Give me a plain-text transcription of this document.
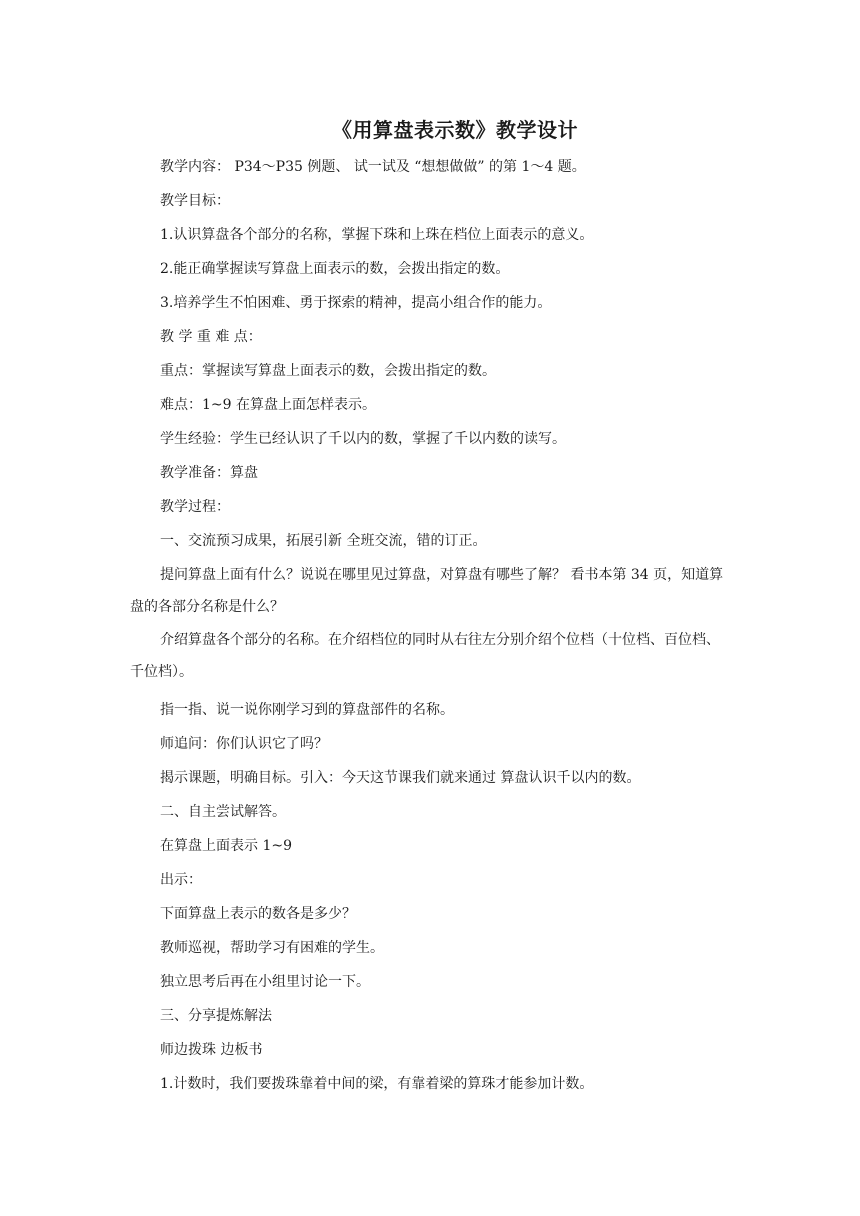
《用算盘表示数》教学设计
教学内容： P34～P35 例题、 试一试及 “想想做做” 的第 1～4 题。
教学目标：
1.认识算盘各个部分的名称，掌握下珠和上珠在档位上面表示的意义。
2.能正确掌握读写算盘上面表示的数，会拨出指定的数。
3.培养学生不怕困难、勇于探索的精神，提高小组合作的能力。
教 学 重 难 点：
重点：掌握读写算盘上面表示的数，会拨出指定的数。
难点：1~9 在算盘上面怎样表示。
学生经验：学生已经认识了千以内的数，掌握了千以内数的读写。
教学准备：算盘
教学过程：
一、交流预习成果，拓展引新 全班交流，错的订正。
提问算盘上面有什么？说说在哪里见过算盘，对算盘有哪些了解？ 看书本第 34 页，知道算盘的各部分名称是什么？
介绍算盘各个部分的名称。在介绍档位的同时从右往左分别介绍个位档（十位档、百位档、千位档）。
指一指、说一说你刚学习到的算盘部件的名称。
师追问：你们认识它了吗？
揭示课题，明确目标。引入：今天这节课我们就来通过 算盘认识千以内的数。
二、自主尝试解答。
在算盘上面表示 1~9
出示：
下面算盘上表示的数各是多少？
教师巡视，帮助学习有困难的学生。
独立思考后再在小组里讨论一下。
三、分享提炼解法
师边拨珠 边板书
1.计数时，我们要拨珠靠着中间的梁，有靠着梁的算珠才能参加计数。
